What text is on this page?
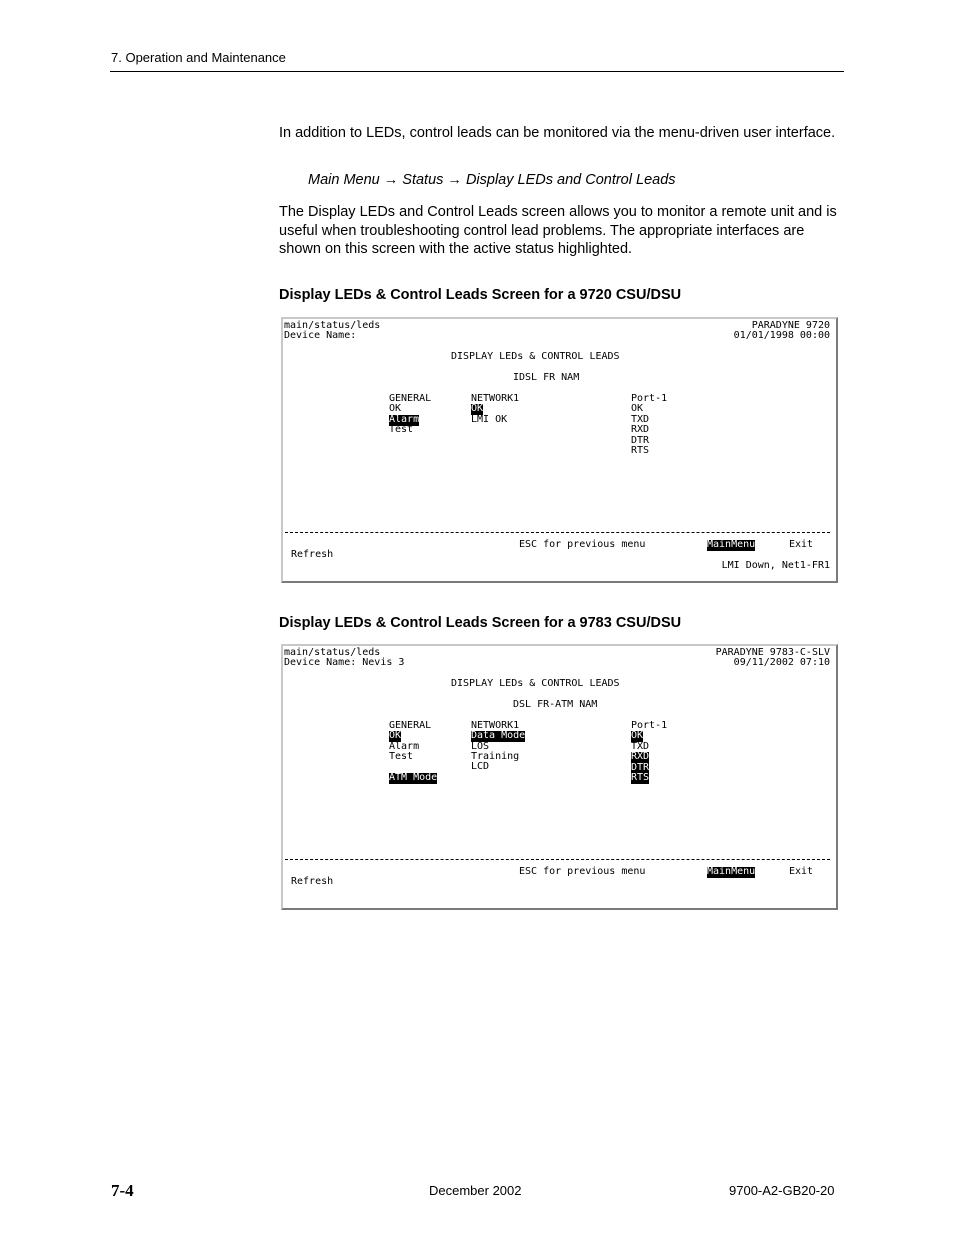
7. Operation and Maintenance
In addition to LEDs, control leads can be monitored via the menu-driven user interface.
Main Menu → Status → Display LEDs and Control Leads
The Display LEDs and Control Leads screen allows you to monitor a remote unit and is useful when troubleshooting control lead problems. The appropriate interfaces are shown on this screen with the active status highlighted.
Display LEDs & Control Leads Screen for a 9720 CSU/DSU
main/status/leds
Device Name:
PARADYNE 9720
01/01/1998 00:00
DISPLAY LEDs & CONTROL LEADS
IDSL FR NAM
GENERAL
OK
Alarm
Test
NETWORK1
OK
LMI OK
Port-1
OK
TXD
RXD
DTR
RTS
ESC for previous menu	MainMenu	Exit
Refresh
LMI Down, Net1-FR1
Display LEDs & Control Leads Screen for a 9783 CSU/DSU
main/status/leds
Device Name: Nevis 3
PARADYNE 9783-C-SLV
09/11/2002 07:10
DISPLAY LEDs & CONTROL LEADS
DSL FR-ATM NAM
GENERAL
OK
Alarm
Test
ATM Mode
NETWORK1
Data Mode
LOS
Training
LCD
Port-1
OK
TXD
RXD
DTR
RTS
ESC for previous menu	MainMenu	Exit
Refresh
7-4	December 2002	9700-A2-GB20-20
